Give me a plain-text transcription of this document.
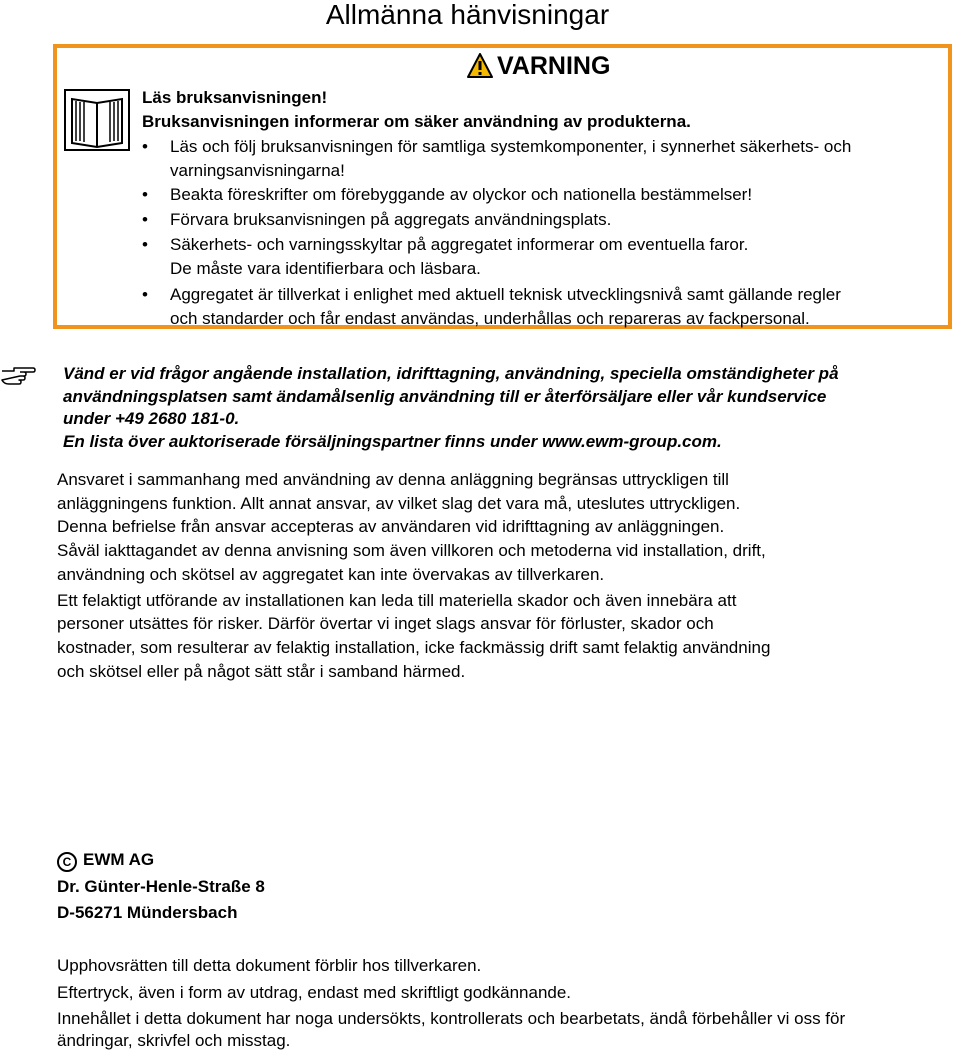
Allmänna hänvisningar
VARNING
Läs bruksanvisningen!
Bruksanvisningen informerar om säker användning av produkterna.
• Läs och följ bruksanvisningen för samtliga systemkomponenter, i synnerhet säkerhets- och
varningsanvisningarna!
• Beakta föreskrifter om förebyggande av olyckor och nationella bestämmelser!
• Förvara bruksanvisningen på aggregats användningsplats.
• Säkerhets- och varningsskyltar på aggregatet informerar om eventuella faror.
De måste vara identifierbara och läsbara.
• Aggregatet är tillverkat i enlighet med aktuell teknisk utvecklingsnivå samt gällande regler
och standarder och får endast användas, underhållas och repareras av fackpersonal.
Vänd er vid frågor angående installation, idrifttagning, användning, speciella omständigheter på
användningsplatsen samt ändamålsenlig användning till er återförsäljare eller vår kundservice
under +49 2680 181-0.
En lista över auktoriserade försäljningspartner finns under www.ewm-group.com.
Ansvaret i sammanhang med användning av denna anläggning begränsas uttryckligen till
anläggningens funktion. Allt annat ansvar, av vilket slag det vara må, uteslutes uttryckligen.
Denna befrielse från ansvar accepteras av användaren vid idrifttagning av anläggningen.
Såväl iakttagandet av denna anvisning som även villkoren och metoderna vid installation, drift,
användning och skötsel av aggregatet kan inte övervakas av tillverkaren.
Ett felaktigt utförande av installationen kan leda till materiella skador och även innebära att
personer utsättes för risker. Därför övertar vi inget slags ansvar för förluster, skador och
kostnader, som resulterar av felaktig installation, icke fackmässig drift samt felaktig användning
och skötsel eller på något sätt står i samband härmed.
C EWM AG
Dr. Günter-Henle-Straße 8
D-56271 Mündersbach
Upphovsrätten till detta dokument förblir hos tillverkaren.
Eftertryck, även i form av utdrag, endast med skriftligt godkännande.
Innehållet i detta dokument har noga undersökts, kontrollerats och bearbetats, ändå förbehåller vi oss för
ändringar, skrivfel och misstag.
